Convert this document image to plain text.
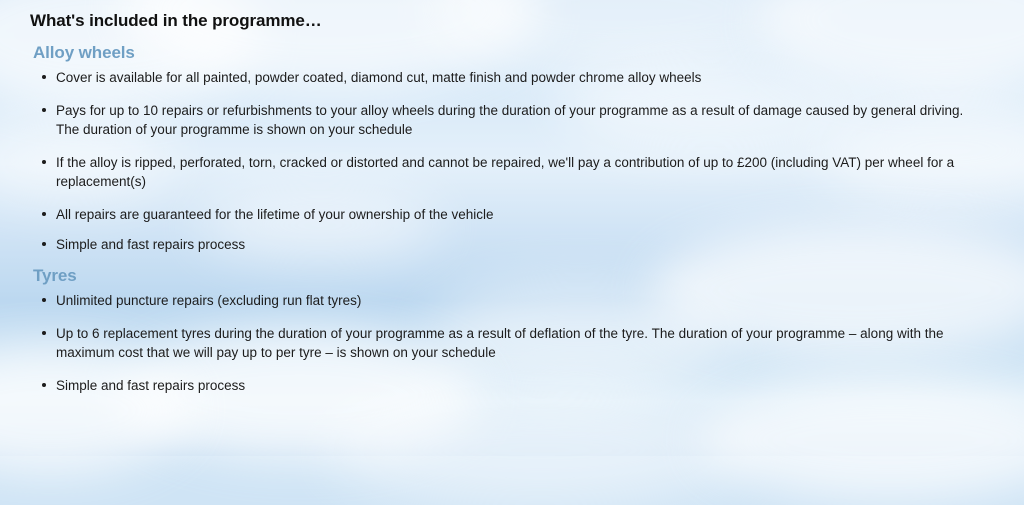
What's included in the programme…
Alloy wheels
Cover is available for all painted, powder coated, diamond cut, matte finish and powder chrome alloy wheels
Pays for up to 10 repairs or refurbishments to your alloy wheels during the duration of your programme as a result of damage caused by general driving. The duration of your programme is shown on your schedule
If the alloy is ripped, perforated, torn, cracked or distorted and cannot be repaired, we'll pay a contribution of up to £200 (including VAT) per wheel for a replacement(s)
All repairs are guaranteed for the lifetime of your ownership of the vehicle
Simple and fast repairs process
Tyres
Unlimited puncture repairs (excluding run flat tyres)
Up to 6 replacement tyres during the duration of your programme as a result of deflation of the tyre. The duration of your programme – along with the maximum cost that we will pay up to per tyre – is shown on your schedule
Simple and fast repairs process
